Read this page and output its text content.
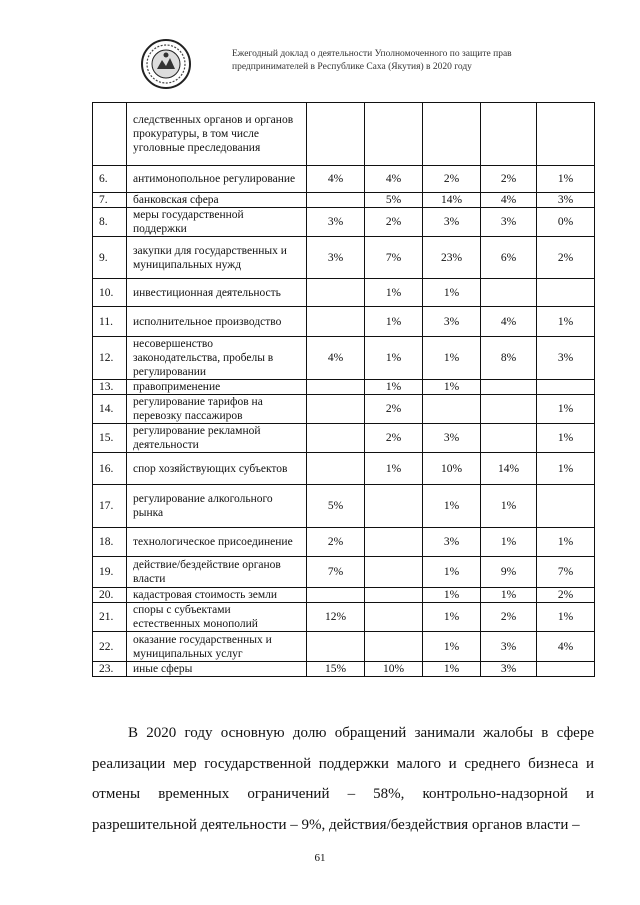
Ежегодный доклад о деятельности Уполномоченного по защите прав
предпринимателей в Республике Саха (Якутия) в 2020 году
	следственных органов и органов прокуратуры, в том числе уголовные преследования					
6.	антимонопольное регулирование	4%	4%	2%	2%	1%
7.	банковская сфера		5%	14%	4%	3%
8.	меры государственной поддержки	3%	2%	3%	3%	0%
9.	закупки для государственных и муниципальных нужд	3%	7%	23%	6%	2%
10.	инвестиционная деятельность		1%	1%		
11.	исполнительное производство		1%	3%	4%	1%
12.	несовершенство законодательства, пробелы в регулировании	4%	1%	1%	8%	3%
13.	правоприменение		1%	1%		
14.	регулирование тарифов на перевозку пассажиров		2%			1%
15.	регулирование рекламной деятельности		2%	3%		1%
16.	спор хозяйствующих субъектов		1%	10%	14%	1%
17.	регулирование алкогольного рынка	5%		1%	1%	
18.	технологическое присоединение	2%		3%	1%	1%
19.	действие/бездействие органов власти	7%		1%	9%	7%
20.	кадастровая стоимость земли			1%	1%	2%
21.	споры с субъектами естественных монополий	12%		1%	2%	1%
22.	оказание государственных и муниципальных услуг			1%	3%	4%
23.	иные сферы	15%	10%	1%	3%	

В 2020 году основную долю обращений занимали жалобы в сфере реализации мер государственной поддержки малого и среднего бизнеса и отмены временных ограничений – 58%, контрольно-надзорной и разрешительной деятельности – 9%, действия/бездействия органов власти –

61
